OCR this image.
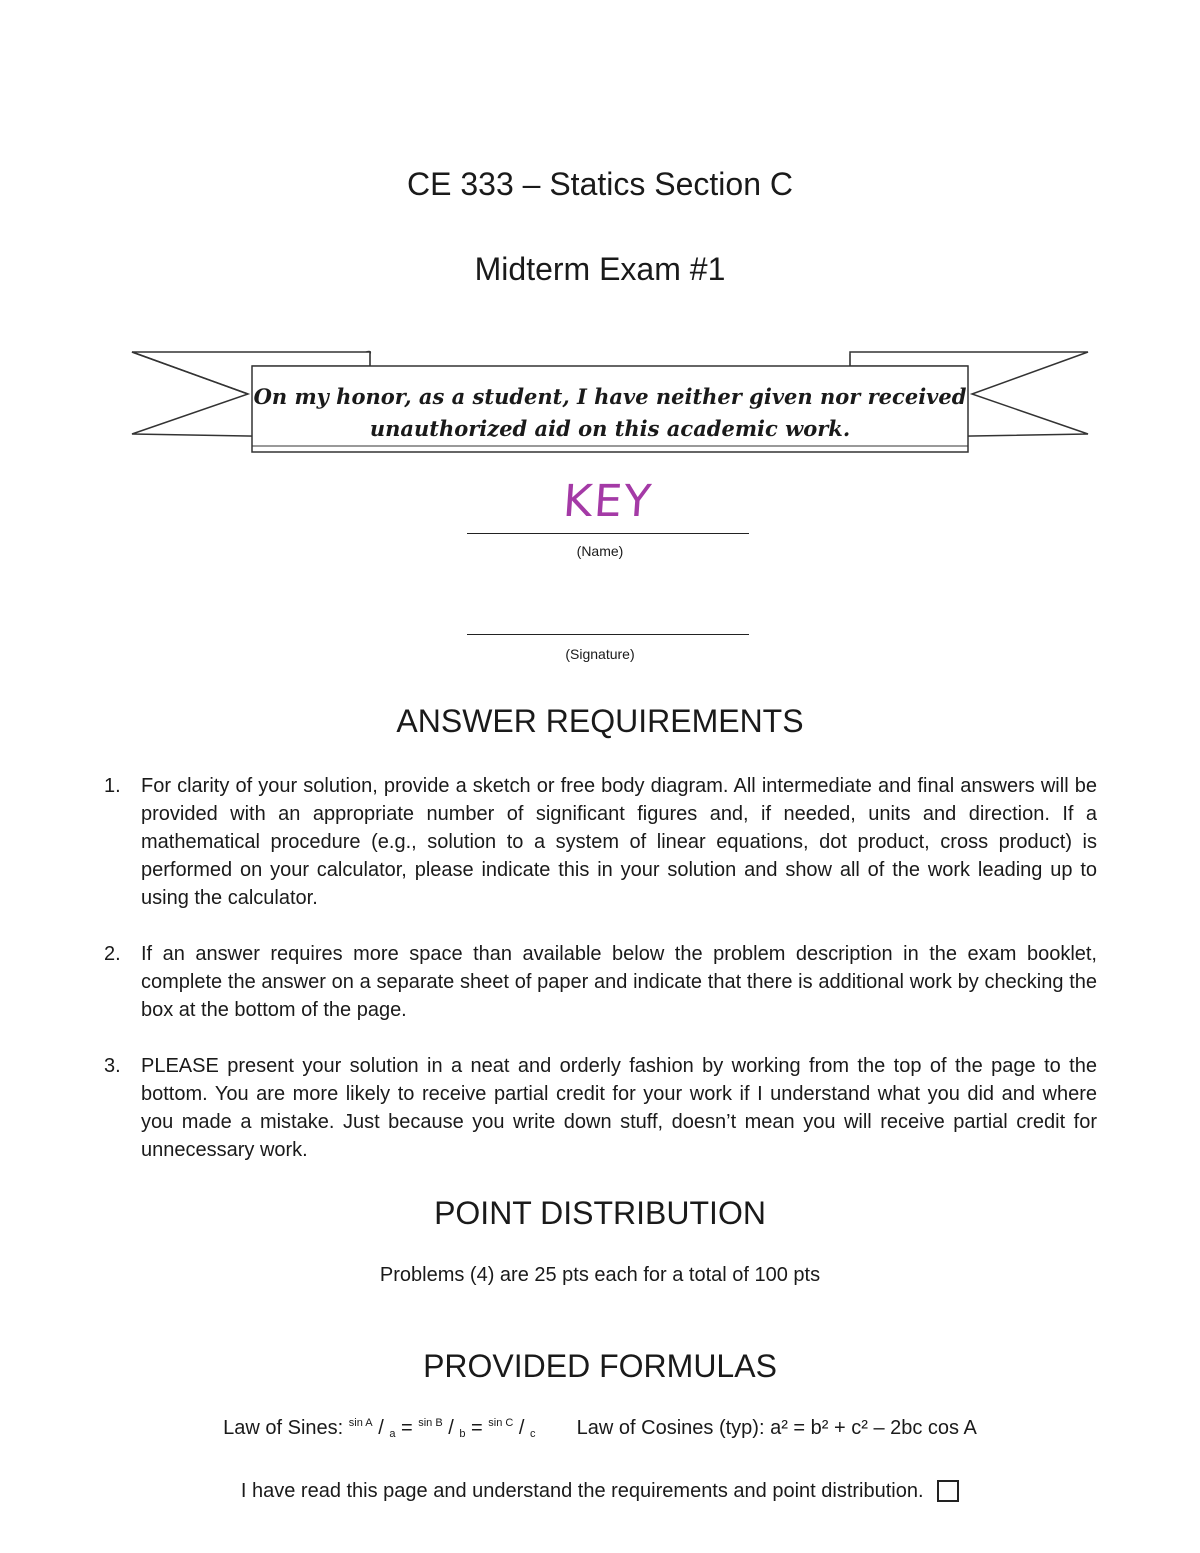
CE 333 – Statics Section C
Midterm Exam #1
On my honor, as a student, I have neither given nor received
unauthorized aid on this academic work.
KEY
(Name)
(Signature)
ANSWER REQUIREMENTS
1. For clarity of your solution, provide a sketch or free body diagram. All intermediate and final answers will be provided with an appropriate number of significant figures and, if needed, units and direction. If a mathematical procedure (e.g., solution to a system of linear equations, dot product, cross product) is performed on your calculator, please indicate this in your solution and show all of the work leading up to using the calculator.
2. If an answer requires more space than available below the problem description in the exam booklet, complete the answer on a separate sheet of paper and indicate that there is additional work by checking the box at the bottom of the page.
3. PLEASE present your solution in a neat and orderly fashion by working from the top of the page to the bottom. You are more likely to receive partial credit for your work if I understand what you did and where you made a mistake. Just because you write down stuff, doesn’t mean you will receive partial credit for unnecessary work.
POINT DISTRIBUTION
Problems (4) are 25 pts each for a total of 100 pts
PROVIDED FORMULAS
Law of Sines: $^{sin A}$ / $_a$ = $^{sin B}$ / $_b$ = $^{sin C}$ / $_c$ Law of Cosines (typ): a² = b² + c² – 2bc cos A
I have read this page and understand the requirements and point distribution.
